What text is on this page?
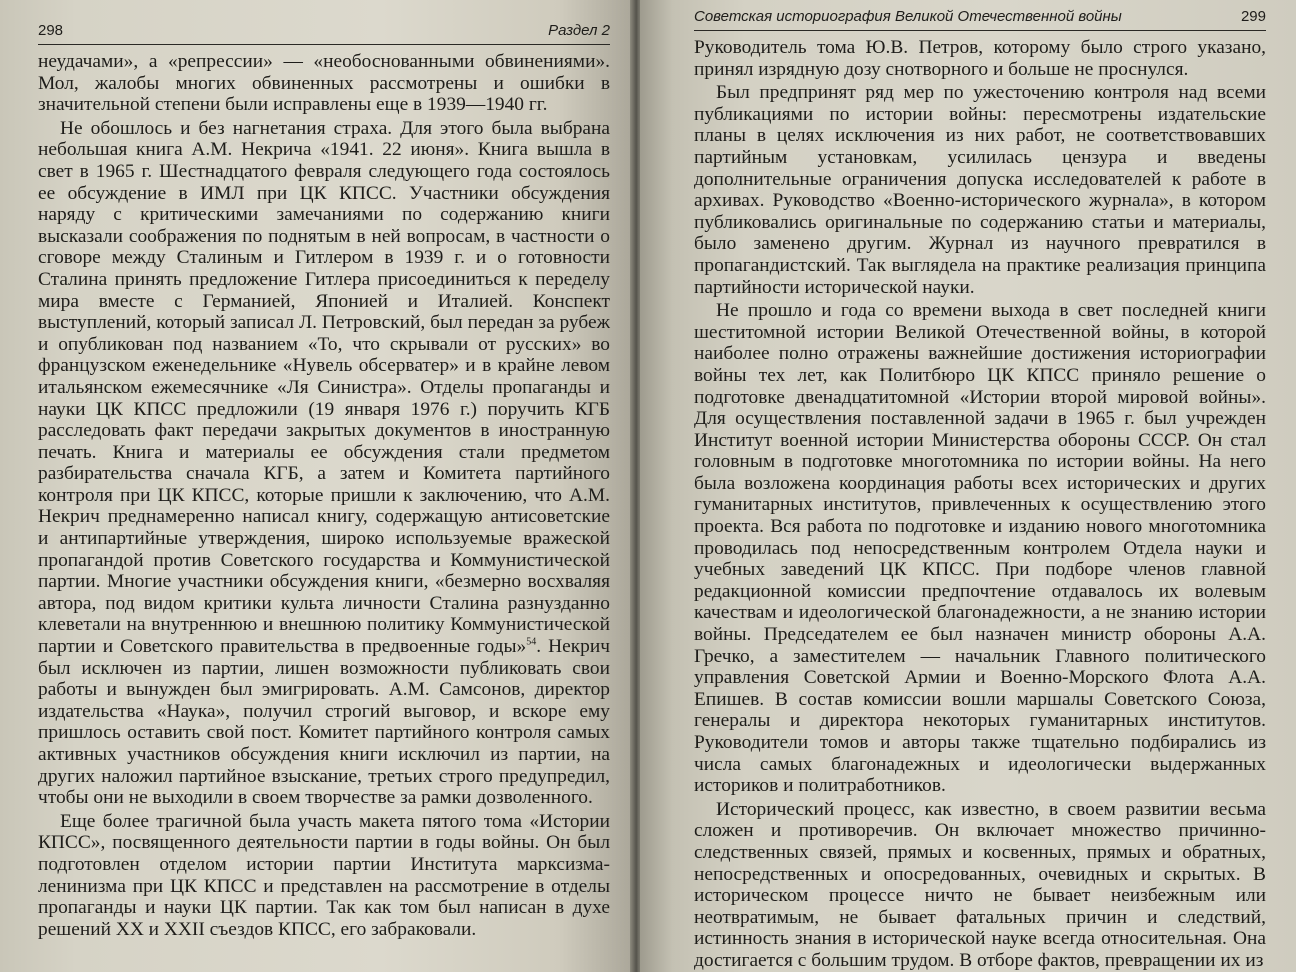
298	Раздел 2

неудачами», а «репрессии» — «необоснованными обвинениями». Мол, жалобы многих обвиненных рассмотрены и ошибки в значительной степени были исправлены еще в 1939—1940 гг.

Не обошлось и без нагнетания страха. Для этого была выбрана небольшая книга А.М. Некрича «1941. 22 июня». Книга вышла в свет в 1965 г. Шестнадцатого февраля следующего года состоялось ее обсуждение в ИМЛ при ЦК КПСС. Участники обсуждения наряду с критическими замечаниями по содержанию книги высказали соображения по поднятым в ней вопросам, в частности о сговоре между Сталиным и Гитлером в 1939 г. и о готовности Сталина принять предложение Гитлера присоединиться к переделу мира вместе с Германией, Японией и Италией. Конспект выступлений, который записал Л. Петровский, был передан за рубеж и опубликован под названием «То, что скрывали от русских» во французском еженедельнике «Нувель обсерватер» и в крайне левом итальянском ежемесячнике «Ля Синистра». Отделы пропаганды и науки ЦК КПСС предложили (19 января 1976 г.) поручить КГБ расследовать факт передачи закрытых документов в иностранную печать. Книга и материалы ее обсуждения стали предметом разбирательства сначала КГБ, а затем и Комитета партийного контроля при ЦК КПСС, которые пришли к заключению, что А.М. Некрич преднамеренно написал книгу, содержащую антисоветские и антипартийные утверждения, широко используемые вражеской пропагандой против Советского государства и Коммунистической партии. Многие участники обсуждения книги, «безмерно восхваляя автора, под видом критики культа личности Сталина разнузданно клеветали на внутреннюю и внешнюю политику Коммунистической партии и Советского правительства в предвоенные годы»$^{54}$. Некрич был исключен из партии, лишен возможности публиковать свои работы и вынужден был эмигрировать. А.М. Самсонов, директор издательства «Наука», получил строгий выговор, и вскоре ему пришлось оставить свой пост. Комитет партийного контроля самых активных участников обсуждения книги исключил из партии, на других наложил партийное взыскание, третьих строго предупредил, чтобы они не выходили в своем творчестве за рамки дозволенного.

Еще более трагичной была участь макета пятого тома «Истории КПСС», посвященного деятельности партии в годы войны. Он был подготовлен отделом истории партии Института марксизма-ленинизма при ЦК КПСС и представлен на рассмотрение в отделы пропаганды и науки ЦК партии. Так как том был написан в духе решений XX и XXII съездов КПСС, его забраковали.

Советская историография Великой Отечественной войны	299

Руководитель тома Ю.В. Петров, которому было строго указано, принял изрядную дозу снотворного и больше не проснулся.

Был предпринят ряд мер по ужесточению контроля над всеми публикациями по истории войны: пересмотрены издательские планы в целях исключения из них работ, не соответствовавших партийным установкам, усилилась цензура и введены дополнительные ограничения допуска исследователей к работе в архивах. Руководство «Военно-исторического журнала», в котором публиковались оригинальные по содержанию статьи и материалы, было заменено другим. Журнал из научного превратился в пропагандистский. Так выглядела на практике реализация принципа партийности исторической науки.

Не прошло и года со времени выхода в свет последней книги шеститомной истории Великой Отечественной войны, в которой наиболее полно отражены важнейшие достижения историографии войны тех лет, как Политбюро ЦК КПСС приняло решение о подготовке двенадцатитомной «Истории второй мировой войны». Для осуществления поставленной задачи в 1965 г. был учрежден Институт военной истории Министерства обороны СССР. Он стал головным в подготовке многотомника по истории войны. На него была возложена координация работы всех исторических и других гуманитарных институтов, привлеченных к осуществлению этого проекта. Вся работа по подготовке и изданию нового многотомника проводилась под непосредственным контролем Отдела науки и учебных заведений ЦК КПСС. При подборе членов главной редакционной комиссии предпочтение отдавалось их волевым качествам и идеологической благонадежности, а не знанию истории войны. Председателем ее был назначен министр обороны А.А. Гречко, а заместителем — начальник Главного политического управления Советской Армии и Военно-Морского Флота А.А. Епишев. В состав комиссии вошли маршалы Советского Союза, генералы и директора некоторых гуманитарных институтов. Руководители томов и авторы также тщательно подбирались из числа самых благонадежных и идеологически выдержанных историков и политработников.

Исторический процесс, как известно, в своем развитии весьма сложен и противоречив. Он включает множество причинно-следственных связей, прямых и косвенных, прямых и обратных, непосредственных и опосредованных, очевидных и скрытых. В историческом процессе ничто не бывает неизбежным или неотвратимым, не бывает фатальных причин и следствий, истинность знания в исторической науке всегда относительная. Она достигается с большим трудом. В отборе фактов, превращении их из
